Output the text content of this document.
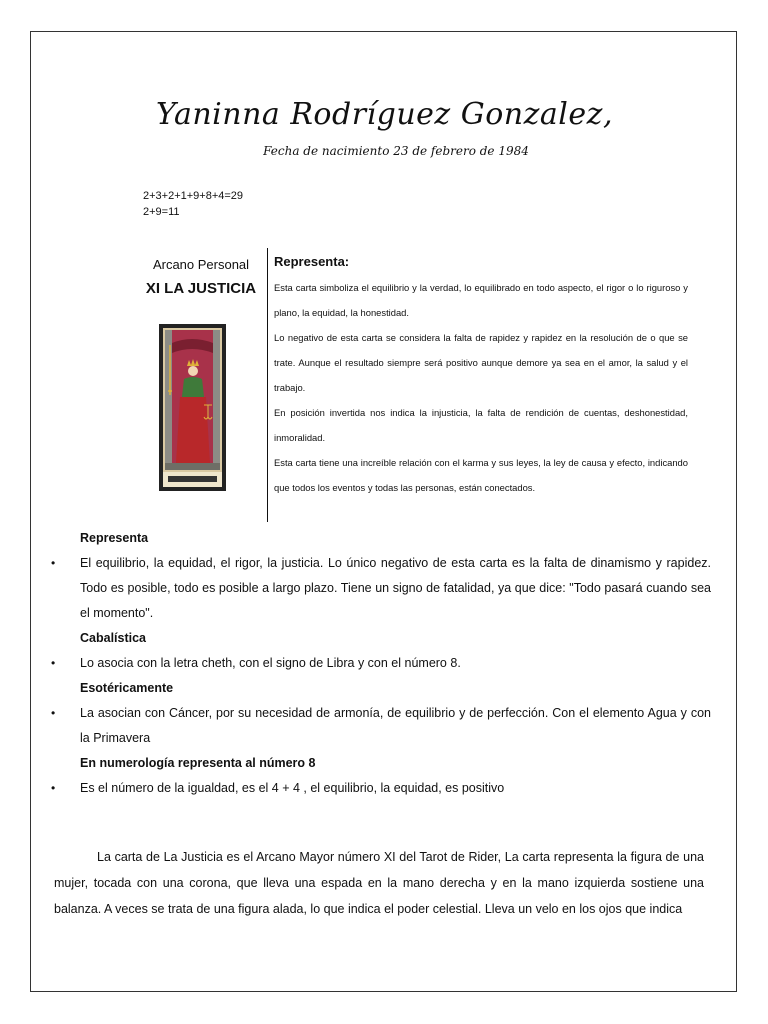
Yaninna Rodríguez Gonzalez,
Fecha de nacimiento 23 de febrero de 1984
2+3+2+1+9+8+4=29
2+9=11
Arcano Personal
XI LA JUSTICIA
Representa:

Esta carta simboliza el equilibrio y la verdad, lo equilibrado en todo aspecto, el rigor o lo riguroso y plano, la equidad, la honestidad.

Lo negativo de esta carta se considera la falta de rapidez y rapidez en la resolución de o que se trate. Aunque el resultado siempre será positivo aunque demore ya sea en el amor, la salud y el trabajo.

En posición invertida nos indica la injusticia, la falta de rendición de cuentas, deshonestidad, inmoralidad.

Esta carta tiene una increíble relación con el karma y sus leyes, la ley de causa y efecto, indicando que todos los eventos y todas las personas, están conectados.

Representa
•	El equilibrio, la equidad, el rigor, la justicia. Lo único negativo de esta carta es la falta de dinamismo y rapidez. Todo es posible, todo es posible a largo plazo. Tiene un signo de fatalidad, ya que dice: "Todo pasará cuando sea el momento".
Cabalística
•	Lo asocia con la letra cheth, con el signo de Libra y con el número 8.
Esotéricamente
•	La asocian con Cáncer, por su necesidad de armonía, de equilibrio y de perfección. Con el elemento Agua y con la Primavera
En numerología representa al número 8
•	Es el número de la igualdad, es el 4 + 4 , el equilibrio, la equidad, es positivo

La carta de La Justicia es el Arcano Mayor número XI del Tarot de Rider, La carta representa la figura de una mujer, tocada con una corona, que lleva una espada en la mano derecha y en la mano izquierda sostiene una balanza. A veces se trata de una figura alada, lo que indica el poder celestial. Lleva un velo en los ojos que indica
